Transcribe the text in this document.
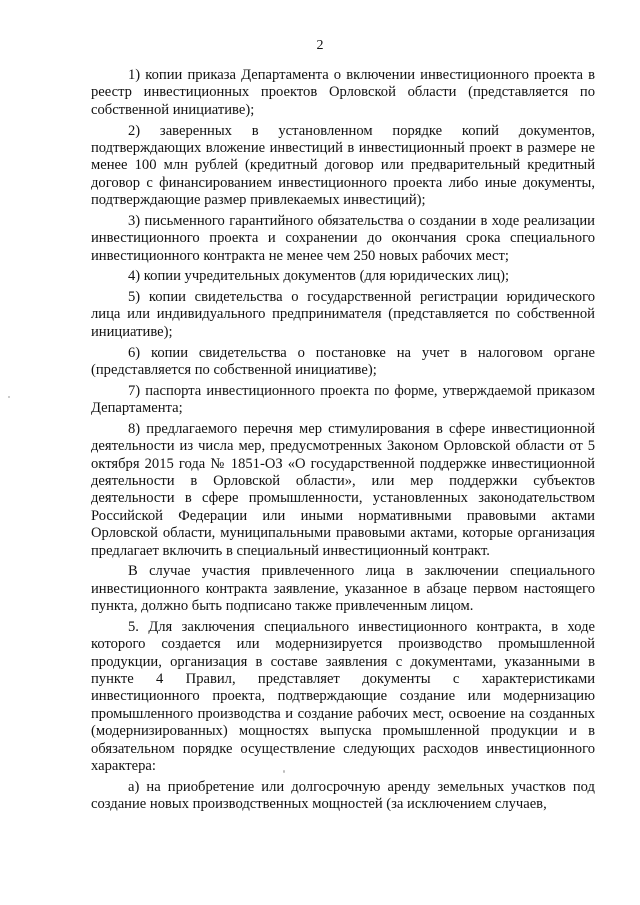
2

1) копии приказа Департамента о включении инвестиционного проекта в реестр инвестиционных проектов Орловской области (представляется по собственной инициативе);

2) заверенных в установленном порядке копий документов, подтверждающих вложение инвестиций в инвестиционный проект в размере не менее 100 млн рублей (кредитный договор или предварительный кредитный договор с финансированием инвестиционного проекта либо иные документы, подтверждающие размер привлекаемых инвестиций);

3) письменного гарантийного обязательства о создании в ходе реализации инвестиционного проекта и сохранении до окончания срока специального инвестиционного контракта не менее чем 250 новых рабочих мест;

4) копии учредительных документов (для юридических лиц);

5) копии свидетельства о государственной регистрации юридического лица или индивидуального предпринимателя (представляется по собственной инициативе);

6) копии свидетельства о постановке на учет в налоговом органе (представляется по собственной инициативе);

7) паспорта инвестиционного проекта по форме, утверждаемой приказом Департамента;

8) предлагаемого перечня мер стимулирования в сфере инвестиционной деятельности из числа мер, предусмотренных Законом Орловской области от 5 октября 2015 года № 1851-ОЗ «О государственной поддержке инвестиционной деятельности в Орловской области», или мер поддержки субъектов деятельности в сфере промышленности, установленных законодательством Российской Федерации или иными нормативными правовыми актами Орловской области, муниципальными правовыми актами, которые организация предлагает включить в специальный инвестиционный контракт.

В случае участия привлеченного лица в заключении специального инвестиционного контракта заявление, указанное в абзаце первом настоящего пункта, должно быть подписано также привлеченным лицом.

5. Для заключения специального инвестиционного контракта, в ходе которого создается или модернизируется производство промышленной продукции, организация в составе заявления с документами, указанными в пункте 4 Правил, представляет документы с характеристиками инвестиционного проекта, подтверждающие создание или модернизацию промышленного производства и создание рабочих мест, освоение на созданных (модернизированных) мощностях выпуска промышленной продукции и в обязательном порядке осуществление следующих расходов инвестиционного характера:

а) на приобретение или долгосрочную аренду земельных участков под создание новых производственных мощностей (за исключением случаев,
